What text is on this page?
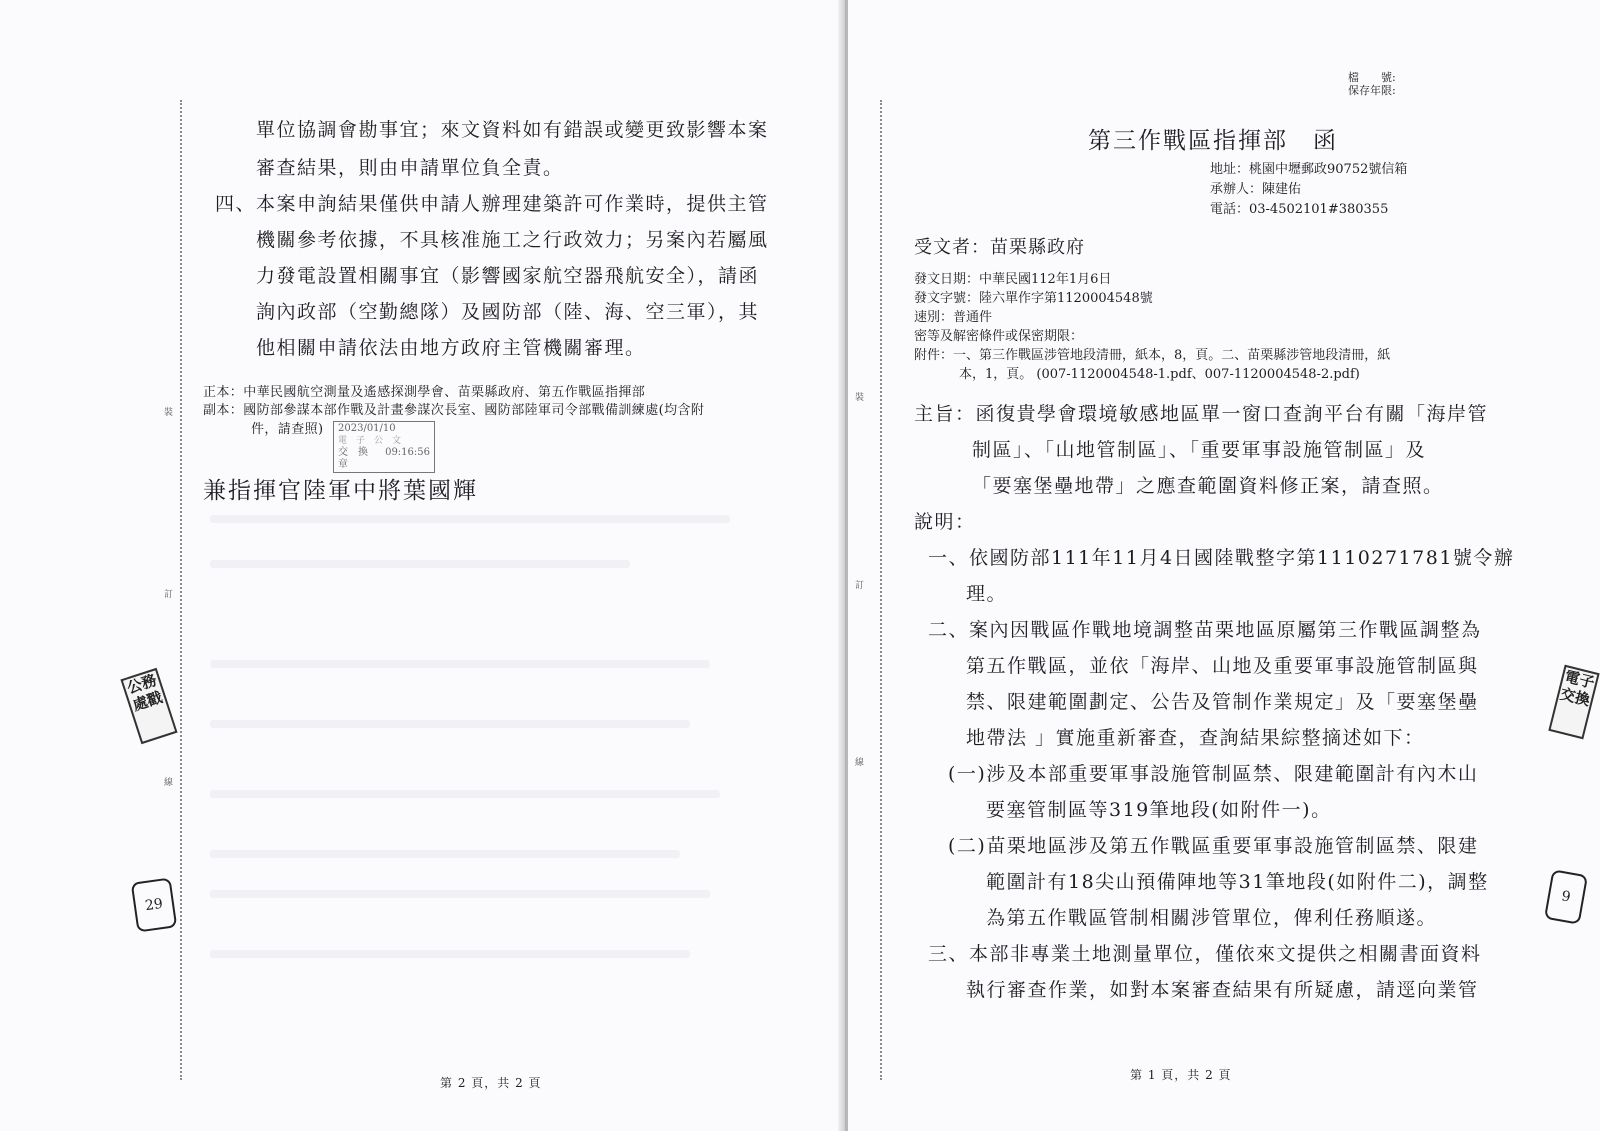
裝
訂
線
單位協調會勘事宜；來文資料如有錯誤或變更致影響本案
審查結果，則由申請單位負全責。
四、本案申詢結果僅供申請人辦理建築許可作業時，提供主管
機關參考依據，不具核准施工之行政效力；另案內若屬風
力發電設置相關事宜（影響國家航空器飛航安全），請函
詢內政部（空勤總隊）及國防部（陸、海、空三軍），其
他相關申請依法由地方政府主管機關審理。
正本：中華民國航空測量及遙感探測學會、苗栗縣政府、第五作戰區指揮部
副本：國防部參謀本部作戰及計畫參謀次長室、國防部陸軍司令部戰備訓練處(均含附
件，請查照) 2023/01/10
電　子　公　文
交　換　章
09:16:56
兼指揮官陸軍中將葉國輝
公務處戳
29
第 2 頁，共 2 頁
裝
訂
線
檔　　號:
保存年限:
第三作戰區指揮部　函
地址：桃園中壢郵政90752號信箱
承辦人：陳建佑
電話：03-4502101#380355
受文者：苗栗縣政府
發文日期：中華民國112年1月6日
發文字號：陸六單作字第1120004548號
速別：普通件
密等及解密條件或保密期限：
附件：一、第三作戰區涉管地段清冊，紙本，8，頁。二、苗栗縣涉管地段清冊，紙
本，1，頁。 (007-1120004548-1.pdf、007-1120004548-2.pdf)
主旨：函復貴學會環境敏感地區單一窗口查詢平台有關「海岸管
制區」、「山地管制區」、「重要軍事設施管制區」及
「要塞堡壘地帶」之應查範圍資料修正案，請查照。
說明：
一、依國防部111年11月4日國陸戰整字第1110271781號令辦
理。
二、案內因戰區作戰地境調整苗栗地區原屬第三作戰區調整為
第五作戰區，並依「海岸、山地及重要軍事設施管制區與
禁、限建範圍劃定、公告及管制作業規定」及「要塞堡壘
地帶法 」實施重新審查，查詢結果綜整摘述如下：
(一)涉及本部重要軍事設施管制區禁、限建範圍計有內木山
要塞管制區等319筆地段(如附件一)。
(二)苗栗地區涉及第五作戰區重要軍事設施管制區禁、限建
範圍計有18尖山預備陣地等31筆地段(如附件二)，調整
為第五作戰區管制相關涉管單位，俾利任務順遂。
三、本部非專業土地測量單位，僅依來文提供之相關書面資料
執行審查作業，如對本案審查結果有所疑慮，請逕向業管
電子交換
9
第 1 頁，共 2 頁
